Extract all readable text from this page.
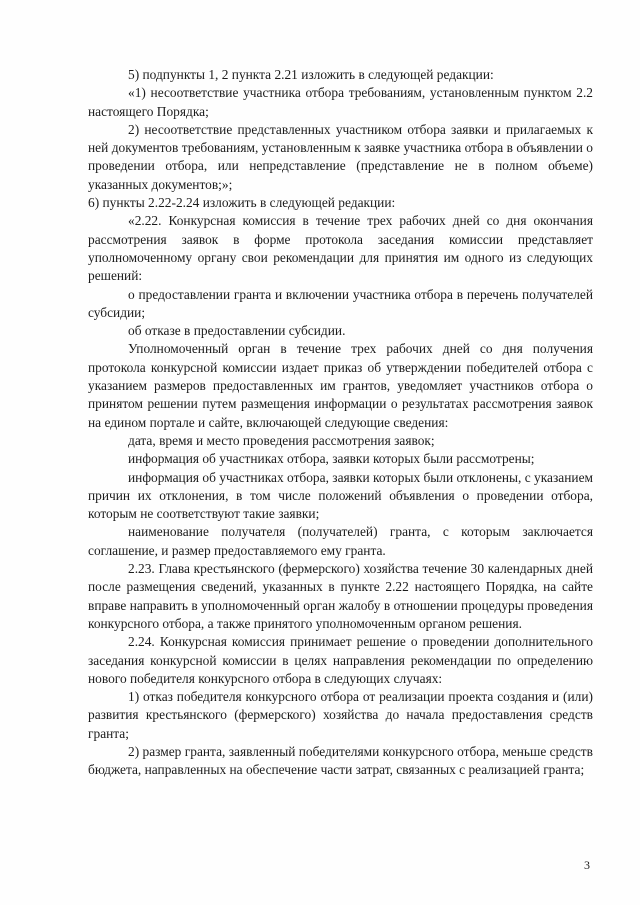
5) подпункты 1, 2 пункта 2.21 изложить в следующей редакции:

«1) несоответствие участника отбора требованиям, установленным пунктом 2.2 настоящего Порядка;

2) несоответствие представленных участником отбора заявки и прилагаемых к ней документов требованиям, установленным к заявке участника отбора в объявлении о проведении отбора, или непредставление (представление не в полном объеме) указанных документов;»;

6) пункты 2.22-2.24 изложить в следующей редакции:

«2.22. Конкурсная комиссия в течение трех рабочих дней со дня окончания рассмотрения заявок в форме протокола заседания комиссии представляет уполномоченному органу свои рекомендации для принятия им одного из следующих решений:

о предоставлении гранта и включении участника отбора в перечень получателей субсидии;

об отказе в предоставлении субсидии.

Уполномоченный орган в течение трех рабочих дней со дня получения протокола конкурсной комиссии издает приказ об утверждении победителей отбора с указанием размеров предоставленных им грантов, уведомляет участников отбора о принятом решении путем размещения информации о результатах рассмотрения заявок на едином портале и сайте, включающей следующие сведения:

дата, время и место проведения рассмотрения заявок;

информация об участниках отбора, заявки которых были рассмотрены;

информация об участниках отбора, заявки которых были отклонены, с указанием причин их отклонения, в том числе положений объявления о проведении отбора, которым не соответствуют такие заявки;

наименование получателя (получателей) гранта, с которым заключается соглашение, и размер предоставляемого ему гранта.

2.23. Глава крестьянского (фермерского) хозяйства течение 30 календарных дней после размещения сведений, указанных в пункте 2.22 настоящего Порядка, на сайте вправе направить в уполномоченный орган жалобу в отношении процедуры проведения конкурсного отбора, а также принятого уполномоченным органом решения.

2.24. Конкурсная комиссия принимает решение о проведении дополнительного заседания конкурсной комиссии в целях направления рекомендации по определению нового победителя конкурсного отбора в следующих случаях:

1) отказ победителя конкурсного отбора от реализации проекта создания и (или) развития крестьянского (фермерского) хозяйства до начала предоставления средств гранта;

2) размер гранта, заявленный победителями конкурсного отбора, меньше средств бюджета, направленных на обеспечение части затрат, связанных с реализацией гранта;

3
